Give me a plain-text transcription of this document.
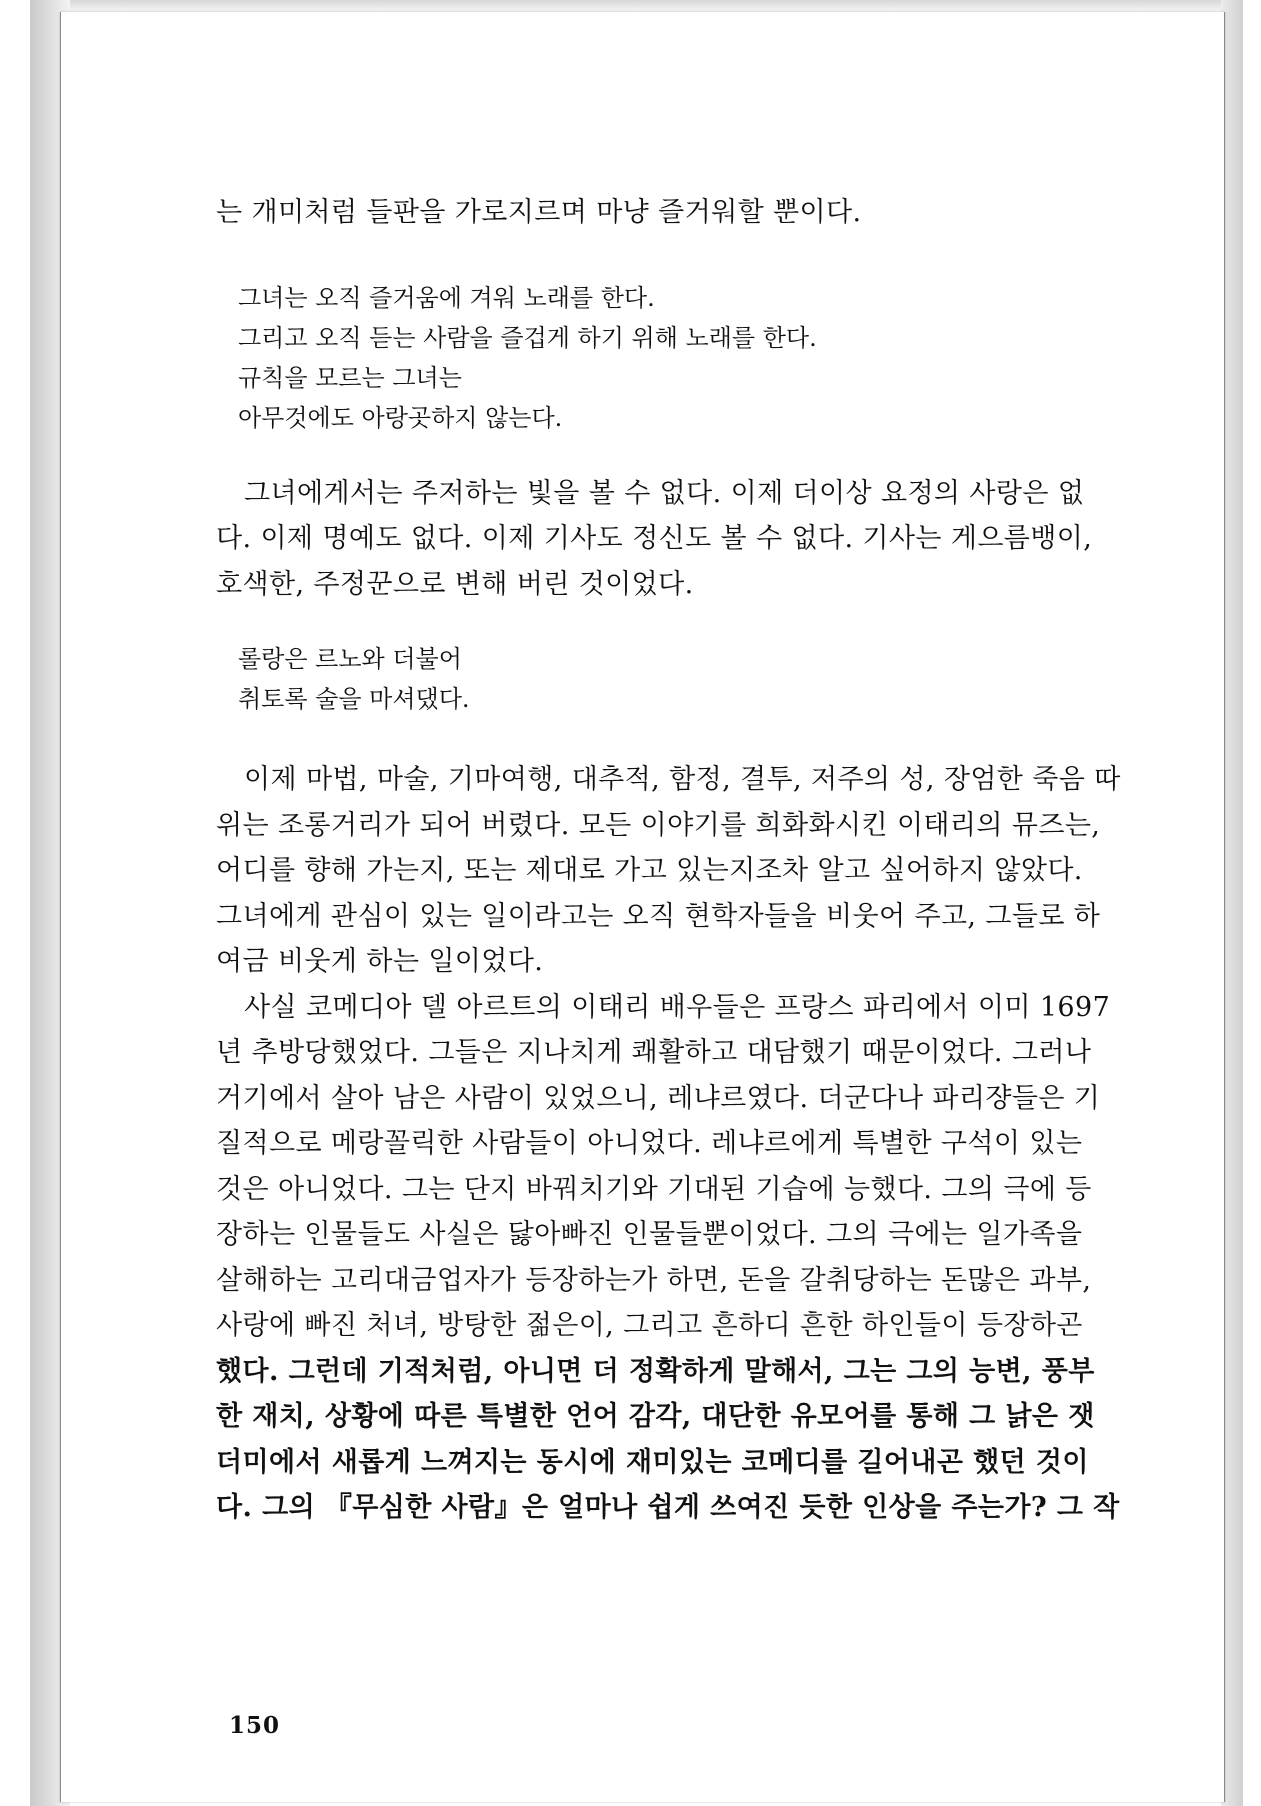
는 개미처럼 들판을 가로지르며 마냥 즐거워할 뿐이다.

그녀는 오직 즐거움에 겨워 노래를 한다.

그리고 오직 듣는 사람을 즐겁게 하기 위해 노래를 한다.

규칙을 모르는 그녀는

아무것에도 아랑곳하지 않는다.

그녀에게서는 주저하는 빛을 볼 수 없다. 이제 더이상 요정의 사랑은 없

다. 이제 명예도 없다. 이제 기사도 정신도 볼 수 없다. 기사는 게으름뱅이,

호색한, 주정꾼으로 변해 버린 것이었다.

롤랑은 르노와 더불어

취토록 술을 마셔댔다.

이제 마법, 마술, 기마여행, 대추적, 함정, 결투, 저주의 성, 장엄한 죽음 따

위는 조롱거리가 되어 버렸다. 모든 이야기를 희화화시킨 이태리의 뮤즈는,

어디를 향해 가는지, 또는 제대로 가고 있는지조차 알고 싶어하지 않았다.

그녀에게 관심이 있는 일이라고는 오직 현학자들을 비웃어 주고, 그들로 하

여금 비웃게 하는 일이었다.

사실 코메디아 델 아르트의 이태리 배우들은 프랑스 파리에서 이미 1697

년 추방당했었다. 그들은 지나치게 쾌활하고 대담했기 때문이었다. 그러나

거기에서 살아 남은 사람이 있었으니, 레냐르였다. 더군다나 파리쟝들은 기

질적으로 메랑꼴릭한 사람들이 아니었다. 레냐르에게 특별한 구석이 있는

것은 아니었다. 그는 단지 바꿔치기와 기대된 기습에 능했다. 그의 극에 등

장하는 인물들도 사실은 닳아빠진 인물들뿐이었다. 그의 극에는 일가족을

살해하는 고리대금업자가 등장하는가 하면, 돈을 갈취당하는 돈많은 과부,

사랑에 빠진 처녀, 방탕한 젊은이, 그리고 흔하디 흔한 하인들이 등장하곤

했다. 그런데 기적처럼, 아니면 더 정확하게 말해서, 그는 그의 능변, 풍부

한 재치, 상황에 따른 특별한 언어 감각, 대단한 유모어를 통해 그 낡은 잿

더미에서 새롭게 느껴지는 동시에 재미있는 코메디를 길어내곤 했던 것이

다. 그의 『무심한 사람』은 얼마나 쉽게 쓰여진 듯한 인상을 주는가? 그 작

150
